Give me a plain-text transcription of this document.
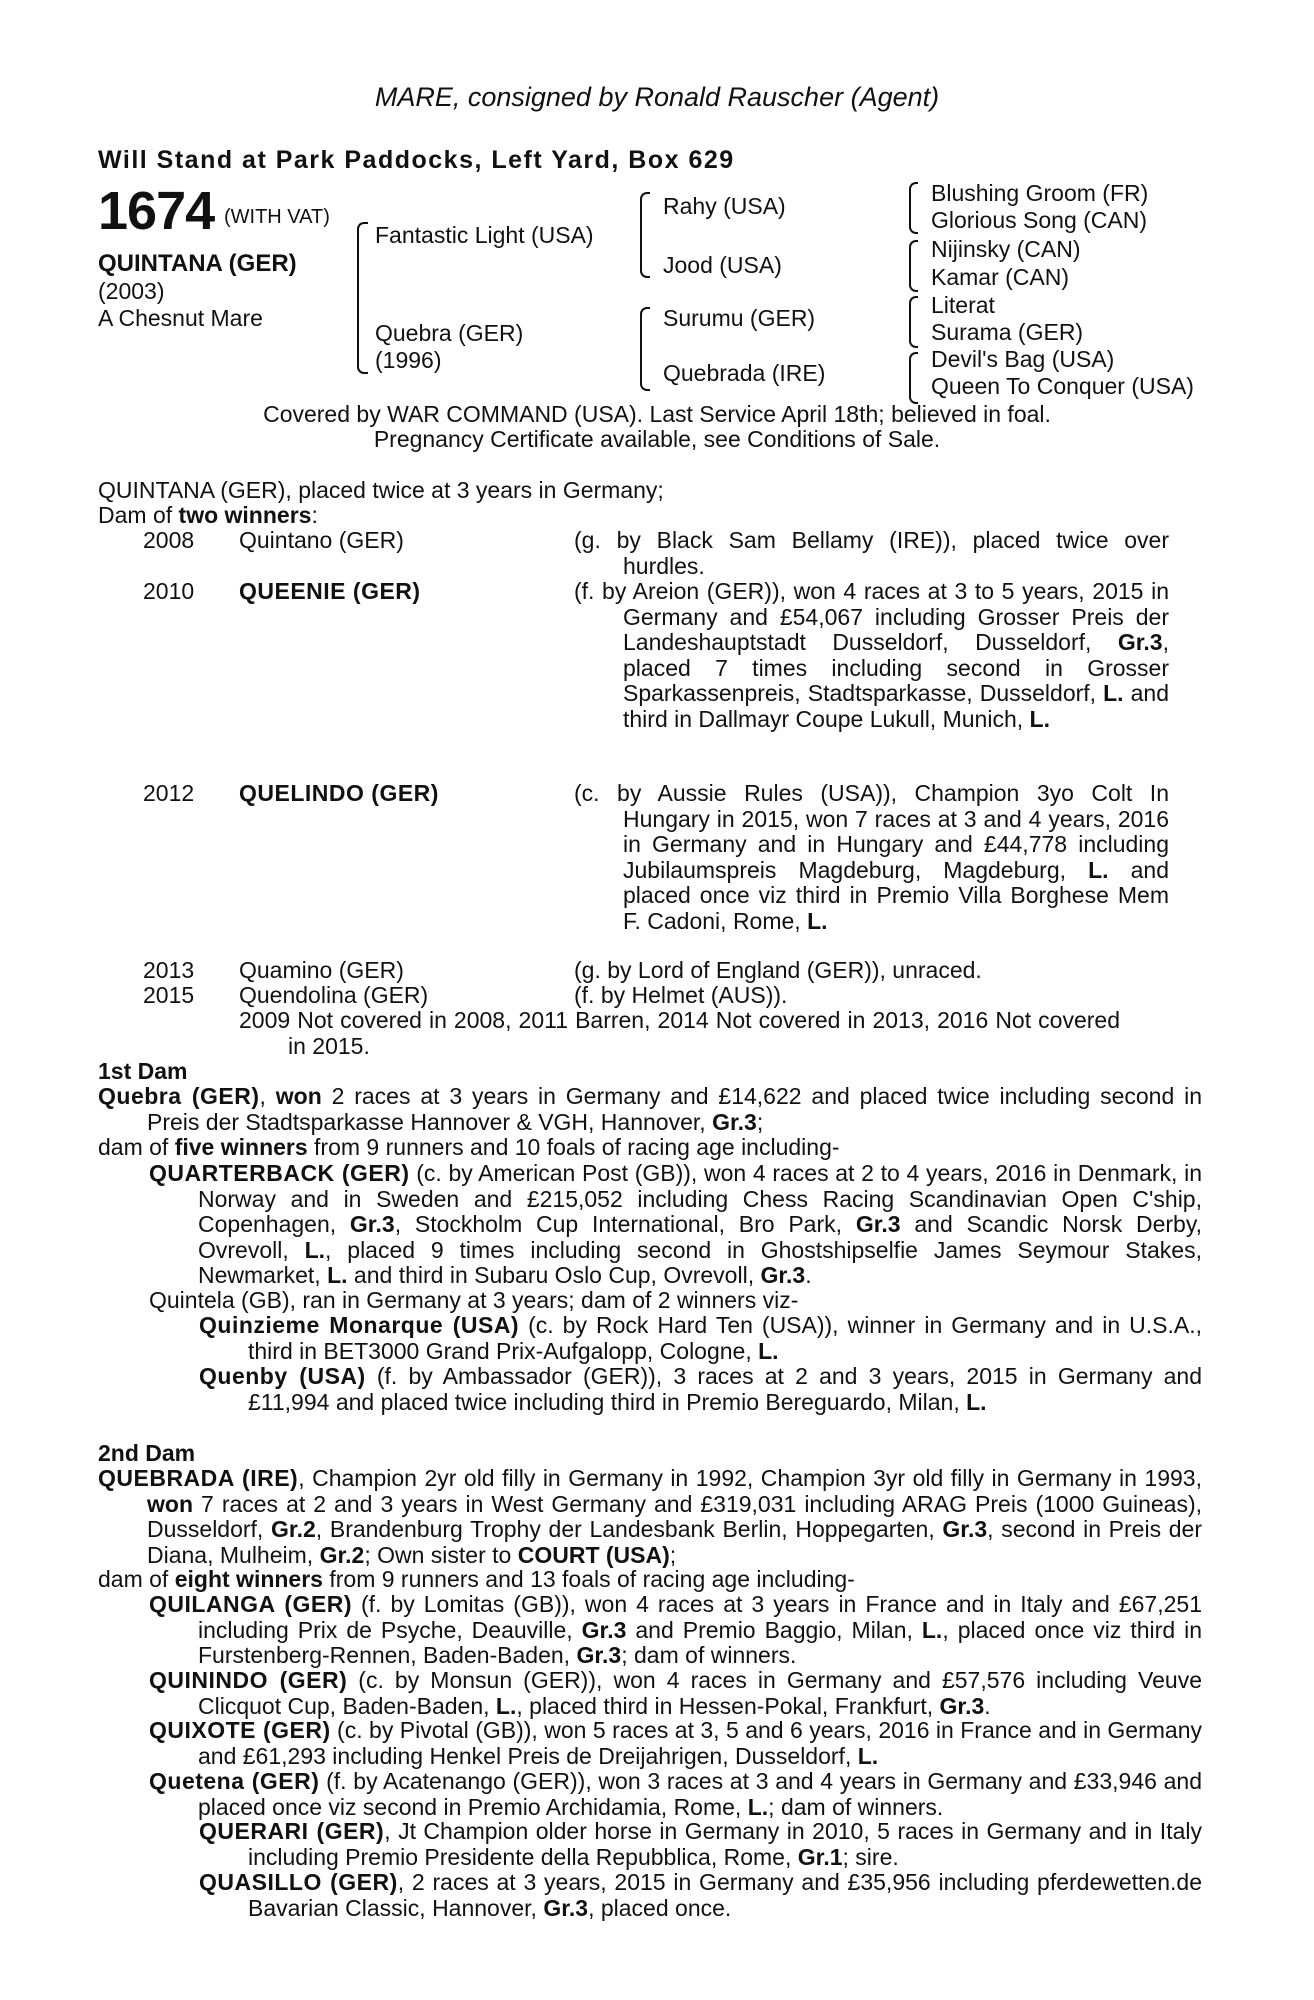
MARE, consigned by Ronald Rauscher (Agent)
Will Stand at Park Paddocks, Left Yard, Box 629
1674 (WITH VAT)
QUINTANA (GER)
(2003)
A Chesnut Mare
Fantastic Light (USA)
Quebra (GER)
(1996)
Rahy (USA)
Jood (USA)
Surumu (GER)
Quebrada (IRE)
Blushing Groom (FR)
Glorious Song (CAN)
Nijinsky (CAN)
Kamar (CAN)
Literat
Surama (GER)
Devil's Bag (USA)
Queen To Conquer (USA)
Covered by WAR COMMAND (USA). Last Service April 18th; believed in foal.
Pregnancy Certificate available, see Conditions of Sale.
QUINTANA (GER), placed twice at 3 years in Germany;
Dam of two winners:
2008 Quintano (GER)	(g. by Black Sam Bellamy (IRE)), placed twice over hurdles.
2010 QUEENIE (GER)	(f. by Areion (GER)), won 4 races at 3 to 5 years, 2015 in Germany and £54,067 including Grosser Preis der Landeshauptstadt Dusseldorf, Dusseldorf, Gr.3, placed 7 times including second in Grosser Sparkassenpreis, Stadtsparkasse, Dusseldorf, L. and third in Dallmayr Coupe Lukull, Munich, L.
2012 QUELINDO (GER)	(c. by Aussie Rules (USA)), Champion 3yo Colt In Hungary in 2015, won 7 races at 3 and 4 years, 2016 in Germany and in Hungary and £44,778 including Jubilaumspreis Magdeburg, Magdeburg, L. and placed once viz third in Premio Villa Borghese Mem F. Cadoni, Rome, L.
2013 Quamino (GER)	(g. by Lord of England (GER)), unraced.
2015 Quendolina (GER)	(f. by Helmet (AUS)).
2009 Not covered in 2008, 2011 Barren, 2014 Not covered in 2013, 2016 Not covered in 2015.
1st Dam
Quebra (GER), won 2 races at 3 years in Germany and £14,622 and placed twice including second in Preis der Stadtsparkasse Hannover & VGH, Hannover, Gr.3;
dam of five winners from 9 runners and 10 foals of racing age including-
QUARTERBACK (GER) (c. by American Post (GB)), won 4 races at 2 to 4 years, 2016 in Denmark, in Norway and in Sweden and £215,052 including Chess Racing Scandinavian Open C'ship, Copenhagen, Gr.3, Stockholm Cup International, Bro Park, Gr.3 and Scandic Norsk Derby, Ovrevoll, L., placed 9 times including second in Ghostshipselfie James Seymour Stakes, Newmarket, L. and third in Subaru Oslo Cup, Ovrevoll, Gr.3.
Quintela (GB), ran in Germany at 3 years; dam of 2 winners viz-
Quinzieme Monarque (USA) (c. by Rock Hard Ten (USA)), winner in Germany and in U.S.A., third in BET3000 Grand Prix-Aufgalopp, Cologne, L.
Quenby (USA) (f. by Ambassador (GER)), 3 races at 2 and 3 years, 2015 in Germany and £11,994 and placed twice including third in Premio Bereguardo, Milan, L.
2nd Dam
QUEBRADA (IRE), Champion 2yr old filly in Germany in 1992, Champion 3yr old filly in Germany in 1993, won 7 races at 2 and 3 years in West Germany and £319,031 including ARAG Preis (1000 Guineas), Dusseldorf, Gr.2, Brandenburg Trophy der Landesbank Berlin, Hoppegarten, Gr.3, second in Preis der Diana, Mulheim, Gr.2; Own sister to COURT (USA);
dam of eight winners from 9 runners and 13 foals of racing age including-
QUILANGA (GER) (f. by Lomitas (GB)), won 4 races at 3 years in France and in Italy and £67,251 including Prix de Psyche, Deauville, Gr.3 and Premio Baggio, Milan, L., placed once viz third in Furstenberg-Rennen, Baden-Baden, Gr.3; dam of winners.
QUININDO (GER) (c. by Monsun (GER)), won 4 races in Germany and £57,576 including Veuve Clicquot Cup, Baden-Baden, L., placed third in Hessen-Pokal, Frankfurt, Gr.3.
QUIXOTE (GER) (c. by Pivotal (GB)), won 5 races at 3, 5 and 6 years, 2016 in France and in Germany and £61,293 including Henkel Preis de Dreijahrigen, Dusseldorf, L.
Quetena (GER) (f. by Acatenango (GER)), won 3 races at 3 and 4 years in Germany and £33,946 and placed once viz second in Premio Archidamia, Rome, L.; dam of winners.
QUERARI (GER), Jt Champion older horse in Germany in 2010, 5 races in Germany and in Italy including Premio Presidente della Repubblica, Rome, Gr.1; sire.
QUASILLO (GER), 2 races at 3 years, 2015 in Germany and £35,956 including pferdewetten.de Bavarian Classic, Hannover, Gr.3, placed once.
